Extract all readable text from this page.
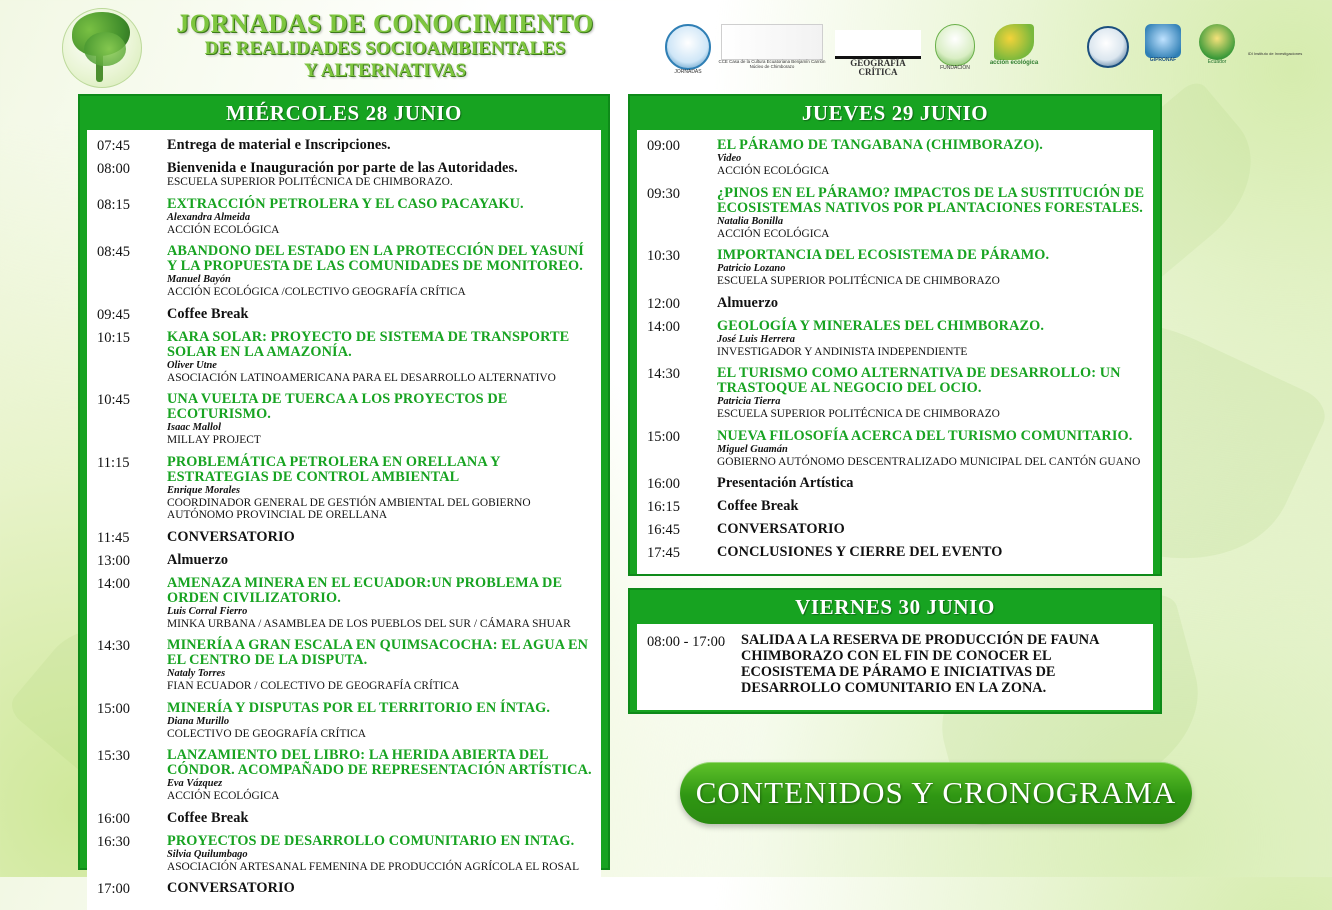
JORNADAS DE CONOCIMIENTO
DE REALIDADES SOCIOAMBIENTALES
Y ALTERNATIVAS	JORNADAS
CCE Casa de la Cultura Ecuatoriana Benjamín Carrión Núcleo de Chimborazo	GEOGRAFÍA CRÍTICA	FUNDACIÓN
acción ecológica	GIPRONAF	Ecuador
IDI Instituto de Investigaciones
MIÉRCOLES 28 JUNIO
07:45	Entrega de material e Inscripciones.

08:00	Bienvenida e Inauguración por parte de las Autoridades.
ESCUELA SUPERIOR POLITÉCNICA DE CHIMBORAZO.

08:15	EXTRACCIÓN PETROLERA Y EL CASO PACAYAKU.
Alexandra Almeida
ACCIÓN ECOLÓGICA

08:45	ABANDONO DEL ESTADO EN LA PROTECCIÓN DEL YASUNÍ Y LA PROPUESTA DE LAS COMUNIDADES DE MONITOREO.
Manuel Bayón
ACCIÓN ECOLÓGICA /COLECTIVO GEOGRAFÍA CRÍTICA

09:45	Coffee Break

10:15	KARA SOLAR: PROYECTO DE SISTEMA DE TRANSPORTE SOLAR EN LA AMAZONÍA.
Oliver Utne
ASOCIACIÓN LATINOAMERICANA PARA EL DESARROLLO ALTERNATIVO

10:45	UNA VUELTA DE TUERCA A LOS PROYECTOS DE ECOTURISMO.
Isaac Mallol
MILLAY PROJECT

11:15	PROBLEMÁTICA PETROLERA EN ORELLANA Y ESTRATEGIAS DE CONTROL AMBIENTAL
Enrique Morales
COORDINADOR GENERAL DE GESTIÓN AMBIENTAL DEL GOBIERNO AUTÓNOMO PROVINCIAL DE ORELLANA

11:45	CONVERSATORIO

13:00	Almuerzo

14:00	AMENAZA MINERA EN EL ECUADOR:UN PROBLEMA DE ORDEN CIVILIZATORIO.
Luis Corral Fierro
MINKA URBANA / ASAMBLEA DE LOS PUEBLOS DEL SUR / CÁMARA SHUAR

14:30	MINERÍA A GRAN ESCALA EN QUIMSACOCHA: EL AGUA EN EL CENTRO DE LA DISPUTA.
Nataly Torres
FIAN ECUADOR / COLECTIVO DE GEOGRAFÍA CRÍTICA

15:00	MINERÍA Y DISPUTAS POR EL TERRITORIO EN ÍNTAG.
Diana Murillo
COLECTIVO DE GEOGRAFÍA CRÍTICA

15:30	LANZAMIENTO DEL LIBRO: LA HERIDA ABIERTA DEL CÓNDOR. ACOMPAÑADO DE REPRESENTACIÓN ARTÍSTICA.
Eva Vázquez
ACCIÓN ECOLÓGICA

16:00	Coffee Break

16:30	PROYECTOS DE DESARROLLO COMUNITARIO EN INTAG.
Silvia Quilumbago
ASOCIACIÓN ARTESANAL FEMENINA DE PRODUCCIÓN AGRÍCOLA EL ROSAL

17:00	CONVERSATORIO
JUEVES 29 JUNIO
09:00	EL PÁRAMO DE TANGABANA (CHIMBORAZO).
Video
ACCIÓN ECOLÓGICA

09:30	¿PINOS EN EL PÁRAMO? IMPACTOS DE LA SUSTITUCIÓN DE ECOSISTEMAS NATIVOS POR PLANTACIONES FORESTALES.
Natalia Bonilla
ACCIÓN ECOLÓGICA

10:30	IMPORTANCIA DEL ECOSISTEMA DE PÁRAMO.
Patricio Lozano
ESCUELA SUPERIOR POLITÉCNICA DE CHIMBORAZO

12:00	Almuerzo

14:00	GEOLOGÍA Y MINERALES DEL CHIMBORAZO.
José Luis Herrera
INVESTIGADOR Y ANDINISTA INDEPENDIENTE

14:30	EL TURISMO COMO ALTERNATIVA DE DESARROLLO: UN TRASTOQUE AL NEGOCIO DEL OCIO.
Patricia Tierra
ESCUELA SUPERIOR POLITÉCNICA DE CHIMBORAZO

15:00	NUEVA FILOSOFÍA ACERCA DEL TURISMO COMUNITARIO.
Miguel Guamán
GOBIERNO AUTÓNOMO DESCENTRALIZADO MUNICIPAL DEL CANTÓN GUANO

16:00	Presentación Artística

16:15	Coffee Break

16:45	CONVERSATORIO

17:45	CONCLUSIONES Y CIERRE DEL EVENTO
VIERNES 30 JUNIO
08:00 - 17:00	SALIDA A LA RESERVA DE PRODUCCIÓN DE FAUNA CHIMBORAZO CON EL FIN DE CONOCER EL ECOSISTEMA DE PÁRAMO E INICIATIVAS DE DESARROLLO COMUNITARIO EN LA ZONA.
CONTENIDOS Y CRONOGRAMA
